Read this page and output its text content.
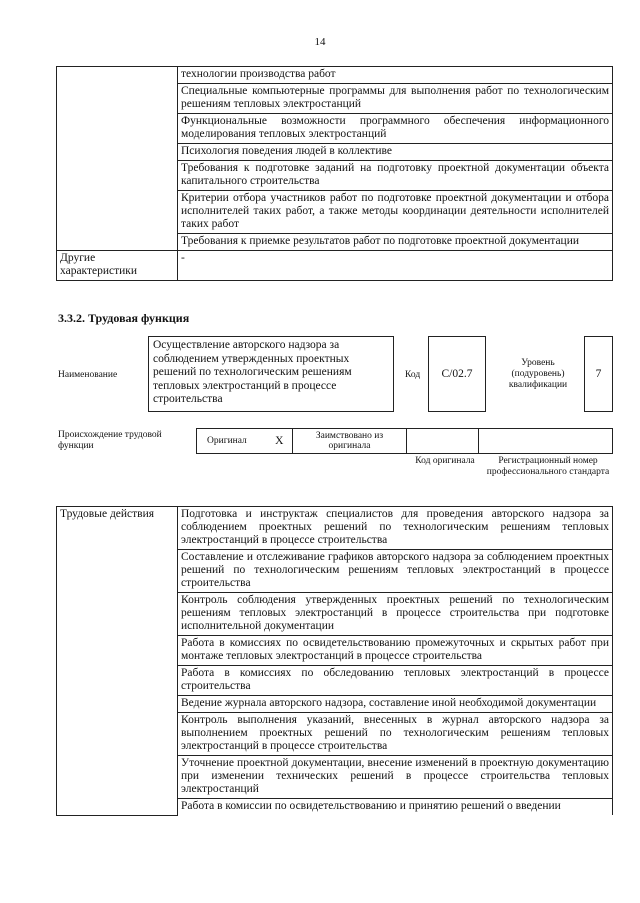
14
	технологии производства работ
	Специальные компьютерные программы для выполнения работ по технологическим решениям тепловых электростанций
	Функциональные возможности программного обеспечения информационного моделирования тепловых электростанций
	Психология поведения людей в коллективе
	Требования к подготовке заданий на подготовку проектной документации объекта капитального строительства
	Критерии отбора участников работ по подготовке проектной документации и отбора исполнителей таких работ, а также методы координации деятельности исполнителей таких работ
	Требования к приемке результатов работ по подготовке проектной документации
Другие характеристики	-
3.3.2. Трудовая функция
Наименование
Осуществление авторского надзора за соблюдением утвержденных проектных решений по технологическим решениям тепловых электростанций в процессе строительства
Код	C/02.7
Уровень (подуровень) квалификации
7
Происхождение трудовой функции	Оригинал	X	Заимствовано из оригинала		
Код оригинала	Регистрационный номер профессионального стандарта
Трудовые действия	Подготовка и инструктаж специалистов для проведения авторского надзора за соблюдением проектных решений по технологическим решениям тепловых электростанций в процессе строительства
Составление и отслеживание графиков авторского надзора за соблюдением проектных решений по технологическим решениям тепловых электростанций в процессе строительства
Контроль соблюдения утвержденных проектных решений по технологическим решениям тепловых электростанций в процессе строительства при подготовке исполнительной документации
Работа в комиссиях по освидетельствованию промежуточных и скрытых работ при монтаже тепловых электростанций в процессе строительства
Работа в комиссиях по обследованию тепловых электростанций в процессе строительства
Ведение журнала авторского надзора, составление иной необходимой документации
Контроль выполнения указаний, внесенных в журнал авторского надзора за выполнением проектных решений по технологическим решениям тепловых электростанций в процессе строительства
Уточнение проектной документации, внесение изменений в проектную документацию при изменении технических решений в процессе строительства тепловых электростанций
Работа в комиссии по освидетельствованию и принятию решений о введении
